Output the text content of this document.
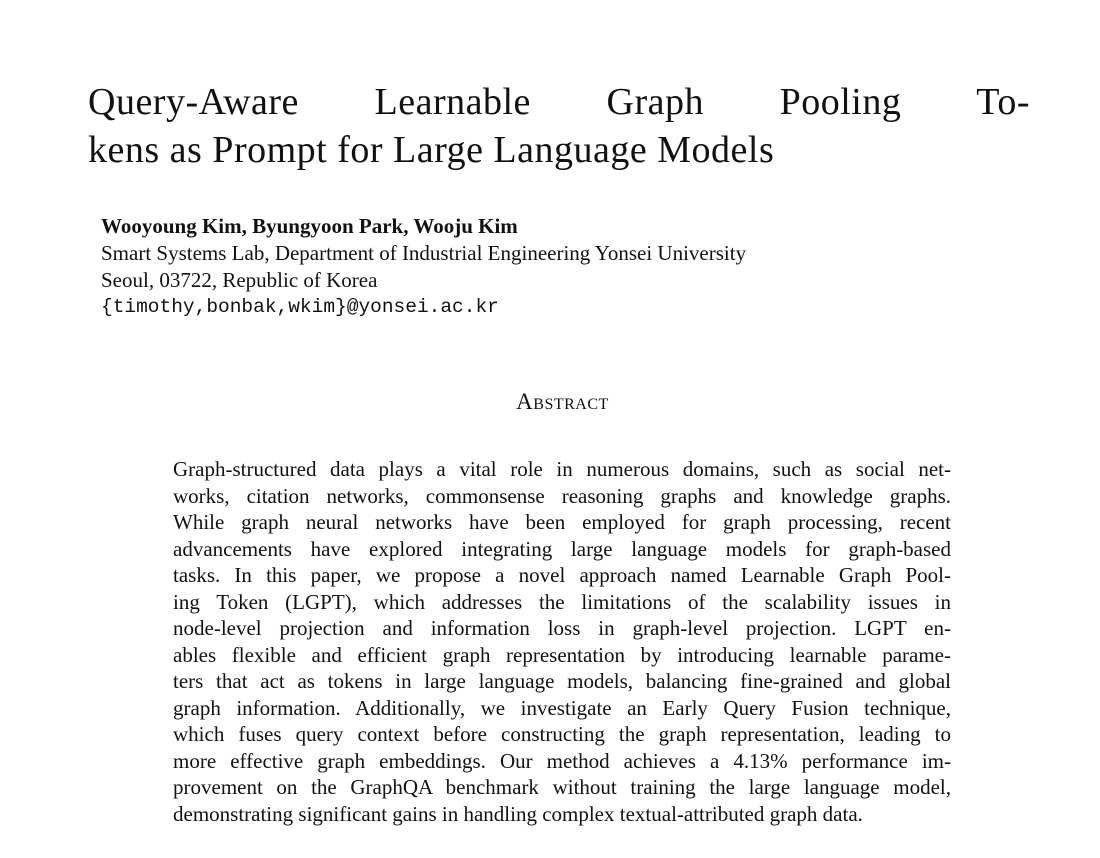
Query-Aware Learnable Graph Pooling To-
kens as Prompt for Large Language Models
Wooyoung Kim, Byungyoon Park, Wooju Kim
Smart Systems Lab, Department of Industrial Engineering Yonsei University
Seoul, 03722, Republic of Korea
{timothy,bonbak,wkim}@yonsei.ac.kr
Abstract
Graph-structured data plays a vital role in numerous domains, such as social net-
works, citation networks, commonsense reasoning graphs and knowledge graphs.
While graph neural networks have been employed for graph processing, recent
advancements have explored integrating large language models for graph-based
tasks. In this paper, we propose a novel approach named Learnable Graph Pool-
ing Token (LGPT), which addresses the limitations of the scalability issues in
node-level projection and information loss in graph-level projection. LGPT en-
ables flexible and efficient graph representation by introducing learnable parame-
ters that act as tokens in large language models, balancing fine-grained and global
graph information. Additionally, we investigate an Early Query Fusion technique,
which fuses query context before constructing the graph representation, leading to
more effective graph embeddings. Our method achieves a 4.13% performance im-
provement on the GraphQA benchmark without training the large language model,
demonstrating significant gains in handling complex textual-attributed graph data.
